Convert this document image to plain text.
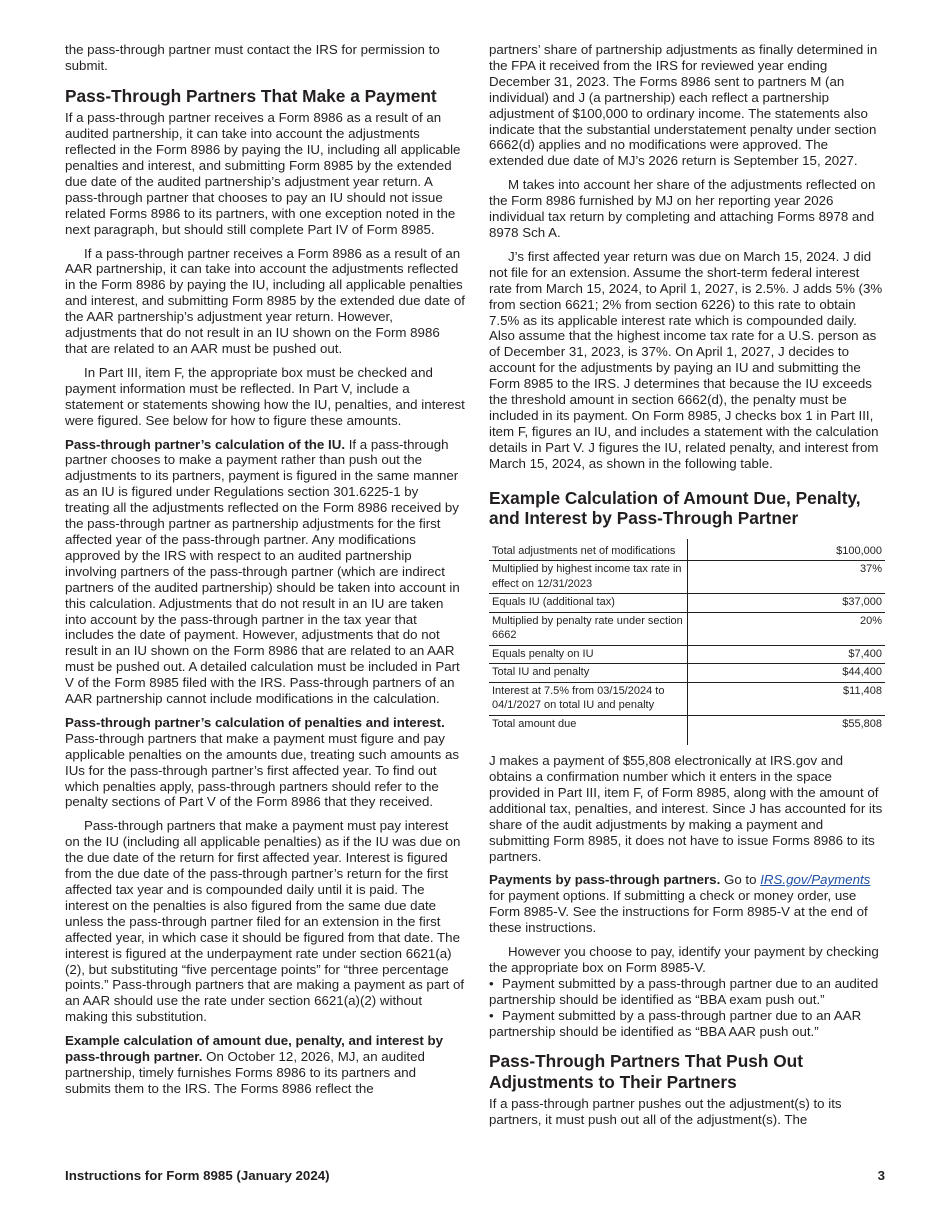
the pass-through partner must contact the IRS for permission to submit.

Pass-Through Partners That Make a Payment

If a pass-through partner receives a Form 8986 as a result of an audited partnership, it can take into account the adjustments reflected in the Form 8986 by paying the IU, including all applicable penalties and interest, and submitting Form 8985 by the extended due date of the audited partnership’s adjustment year return. A pass-through partner that chooses to pay an IU should not issue related Forms 8986 to its partners, with one exception noted in the next paragraph, but should still complete Part IV of Form 8985.

If a pass-through partner receives a Form 8986 as a result of an AAR partnership, it can take into account the adjustments reflected in the Form 8986 by paying the IU, including all applicable penalties and interest, and submitting Form 8985 by the extended due date of the AAR partnership’s adjustment year return. However, adjustments that do not result in an IU shown on the Form 8986 that are related to an AAR must be pushed out.

In Part III, item F, the appropriate box must be checked and payment information must be reflected. In Part V, include a statement or statements showing how the IU, penalties, and interest were figured. See below for how to figure these amounts.

Pass-through partner’s calculation of the IU. If a pass-through partner chooses to make a payment rather than push out the adjustments to its partners, payment is figured in the same manner as an IU is figured under Regulations section 301.6225-1 by treating all the adjustments reflected on the Form 8986 received by the pass-through partner as partnership adjustments for the first affected year of the pass-through partner. Any modifications approved by the IRS with respect to an audited partnership involving partners of the pass-through partner (which are indirect partners of the audited partnership) should be taken into account in this calculation. Adjustments that do not result in an IU are taken into account by the pass-through partner in the tax year that includes the date of payment. However, adjustments that do not result in an IU shown on the Form 8986 that are related to an AAR must be pushed out. A detailed calculation must be included in Part V of the Form 8985 filed with the IRS. Pass-through partners of an AAR partnership cannot include modifications in the calculation.

Pass-through partner’s calculation of penalties and interest. Pass-through partners that make a payment must figure and pay applicable penalties on the amounts due, treating such amounts as IUs for the pass-through partner’s first affected year. To find out which penalties apply, pass-through partners should refer to the penalty sections of Part V of the Form 8986 that they received.

Pass-through partners that make a payment must pay interest on the IU (including all applicable penalties) as if the IU was due on the due date of the return for first affected year. Interest is figured from the due date of the pass-through partner’s return for the first affected tax year and is compounded daily until it is paid. The interest on the penalties is also figured from the same due date unless the pass-through partner filed for an extension in the first affected year, in which case it should be figured from that date. The interest is figured at the underpayment rate under section 6621(a)(2), but substituting “five percentage points” for “three percentage points.” Pass-through partners that are making a payment as part of an AAR should use the rate under section 6621(a)(2) without making this substitution.

Example calculation of amount due, penalty, and interest by pass-through partner. On October 12, 2026, MJ, an audited partnership, timely furnishes Forms 8986 to its partners and submits them to the IRS. The Forms 8986 reflect the

partners’ share of partnership adjustments as finally determined in the FPA it received from the IRS for reviewed year ending December 31, 2023. The Forms 8986 sent to partners M (an individual) and J (a partnership) each reflect a partnership adjustment of $100,000 to ordinary income. The statements also indicate that the substantial understatement penalty under section 6662(d) applies and no modifications were approved. The extended due date of MJ’s 2026 return is September 15, 2027.

M takes into account her share of the adjustments reflected on the Form 8986 furnished by MJ on her reporting year 2026 individual tax return by completing and attaching Forms 8978 and 8978 Sch A.

J’s first affected year return was due on March 15, 2024. J did not file for an extension. Assume the short-term federal interest rate from March 15, 2024, to April 1, 2027, is 2.5%. J adds 5% (3% from section 6621; 2% from section 6226) to this rate to obtain 7.5% as its applicable interest rate which is compounded daily. Also assume that the highest income tax rate for a U.S. person as of December 31, 2023, is 37%. On April 1, 2027, J decides to account for the adjustments by paying an IU and submitting the Form 8985 to the IRS. J determines that because the IU exceeds the threshold amount in section 6662(d), the penalty must be included in its payment. On Form 8985, J checks box 1 in Part III, item F, figures an IU, and includes a statement with the calculation details in Part V. J figures the IU, related penalty, and interest from March 15, 2024, as shown in the following table.

Example Calculation of Amount Due, Penalty, and Interest by Pass-Through Partner
Total adjustments net of modifications	$100,000
Multiplied by highest income tax rate in effect on 12/31/2023	37%
Equals IU (additional tax)	$37,000
Multiplied by penalty rate under section 6662	20%
Equals penalty on IU	$7,400
Total IU and penalty	$44,400
Interest at 7.5% from 03/15/2024 to 04/1/2027 on total IU and penalty	$11,408
Total amount due	$55,808

J makes a payment of $55,808 electronically at IRS.gov and obtains a confirmation number which it enters in the space provided in Part III, item F, of Form 8985, along with the amount of additional tax, penalties, and interest. Since J has accounted for its share of the audit adjustments by making a payment and submitting Form 8985, it does not have to issue Forms 8986 to its partners.

Payments by pass-through partners. Go to IRS.gov/Payments for payment options. If submitting a check or money order, use Form 8985-V. See the instructions for Form 8985-V at the end of these instructions.

However you choose to pay, identify your payment by checking the appropriate box on Form 8985-V.

• Payment submitted by a pass-through partner due to an audited partnership should be identified as “BBA exam push out.”
• Payment submitted by a pass-through partner due to an AAR partnership should be identified as “BBA AAR push out.”
Pass-Through Partners That Push Out Adjustments to Their Partners

If a pass-through partner pushes out the adjustment(s) to its partners, it must push out all of the adjustment(s). The

Instructions for Form 8985 (January 2024)	3
